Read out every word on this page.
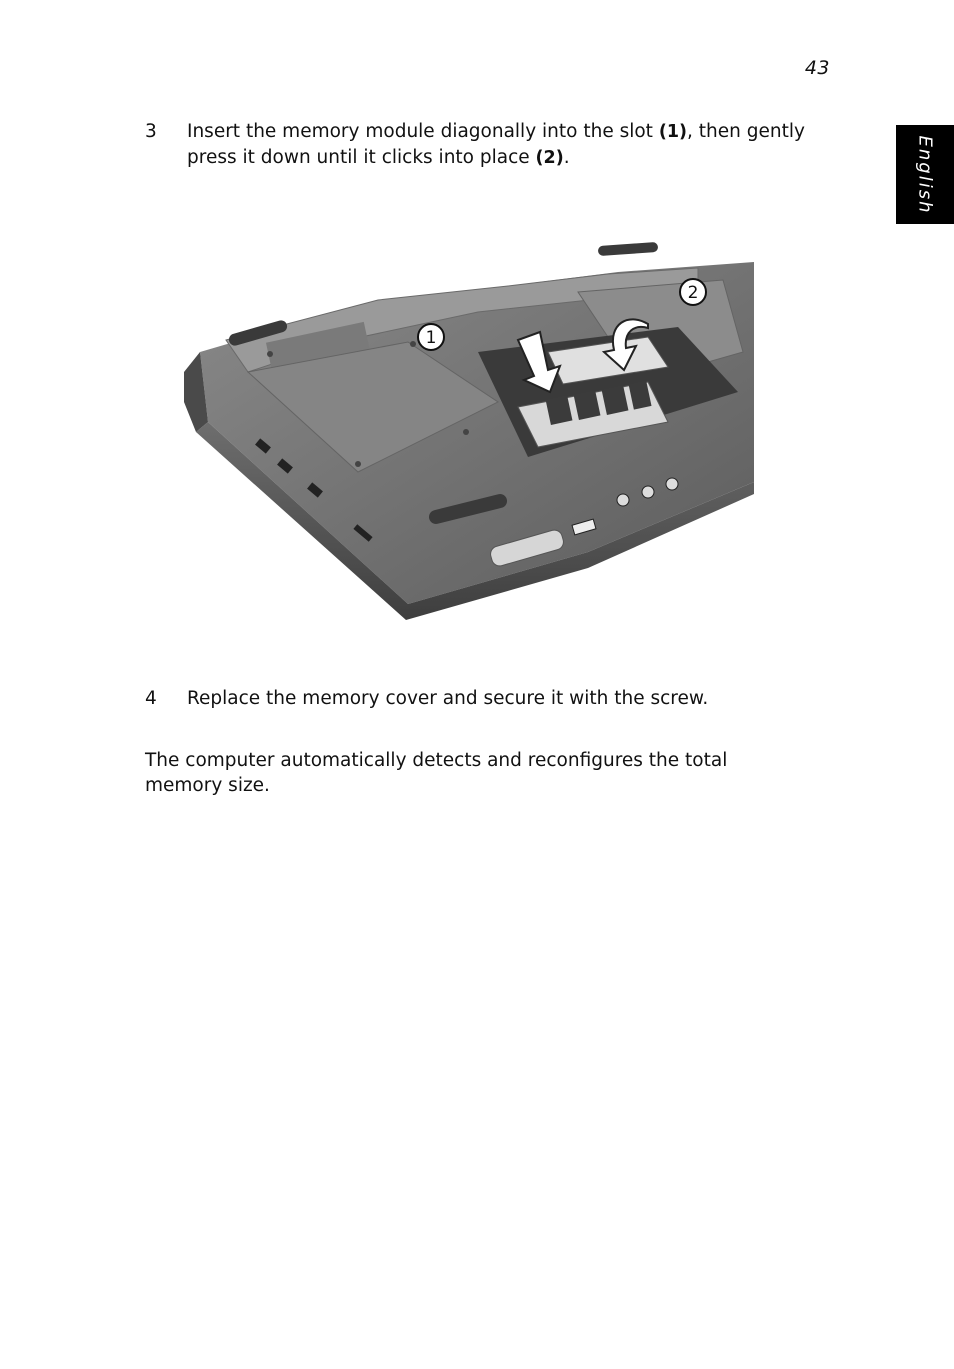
43
English
3 Insert the memory module diagonally into the slot (1), then gently press it down until it clicks into place (2).
1
2
4 Replace the memory cover and secure it with the screw.
The computer automatically detects and reconfigures the total memory size.
